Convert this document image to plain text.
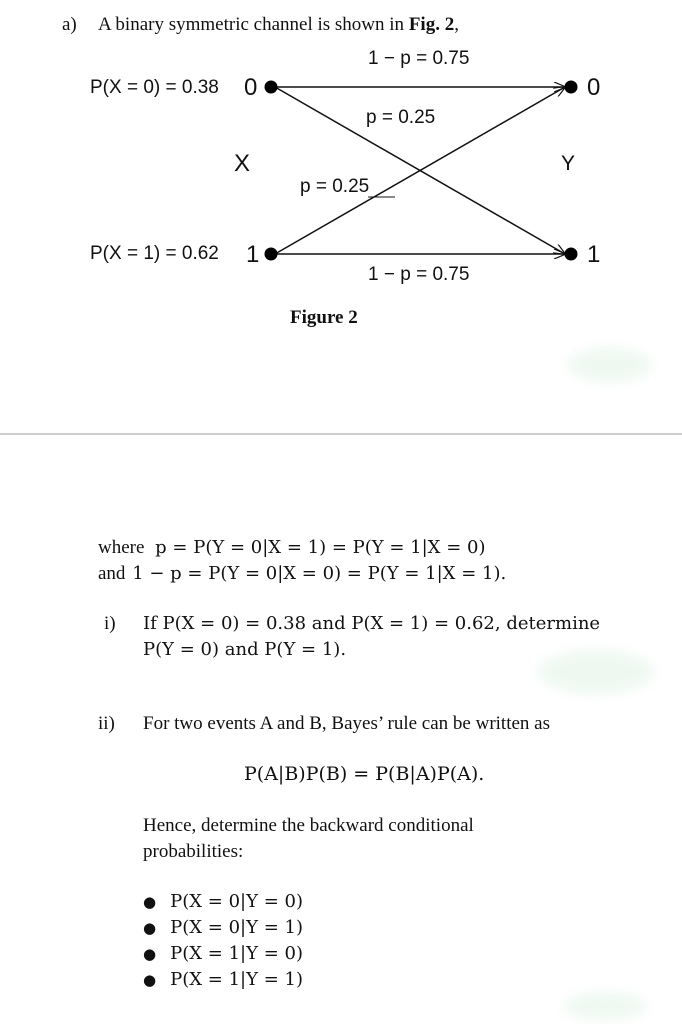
a) A binary symmetric channel is shown in Fig. 2,
1 − p = 0.75
P(X = 0) = 0.38 0	0
p = 0.25
X	Y
p = 0.25
P(X = 1) = 0.62 1	1
1 − p = 0.75
Figure 2
where p = P(Y = 0|X = 1) = P(Y = 1|X = 0)
and 1 − p = P(Y = 0|X = 0) = P(Y = 1|X = 1).
i) If P(X = 0) = 0.38 and P(X = 1) = 0.62, determine
P(Y = 0) and P(Y = 1).
ii) For two events A and B, Bayes’ rule can be written as
P(A|B)P(B) = P(B|A)P(A).
Hence, determine the backward conditional
probabilities:
● P(X = 0|Y = 0)
● P(X = 0|Y = 1)
● P(X = 1|Y = 0)
● P(X = 1|Y = 1)
